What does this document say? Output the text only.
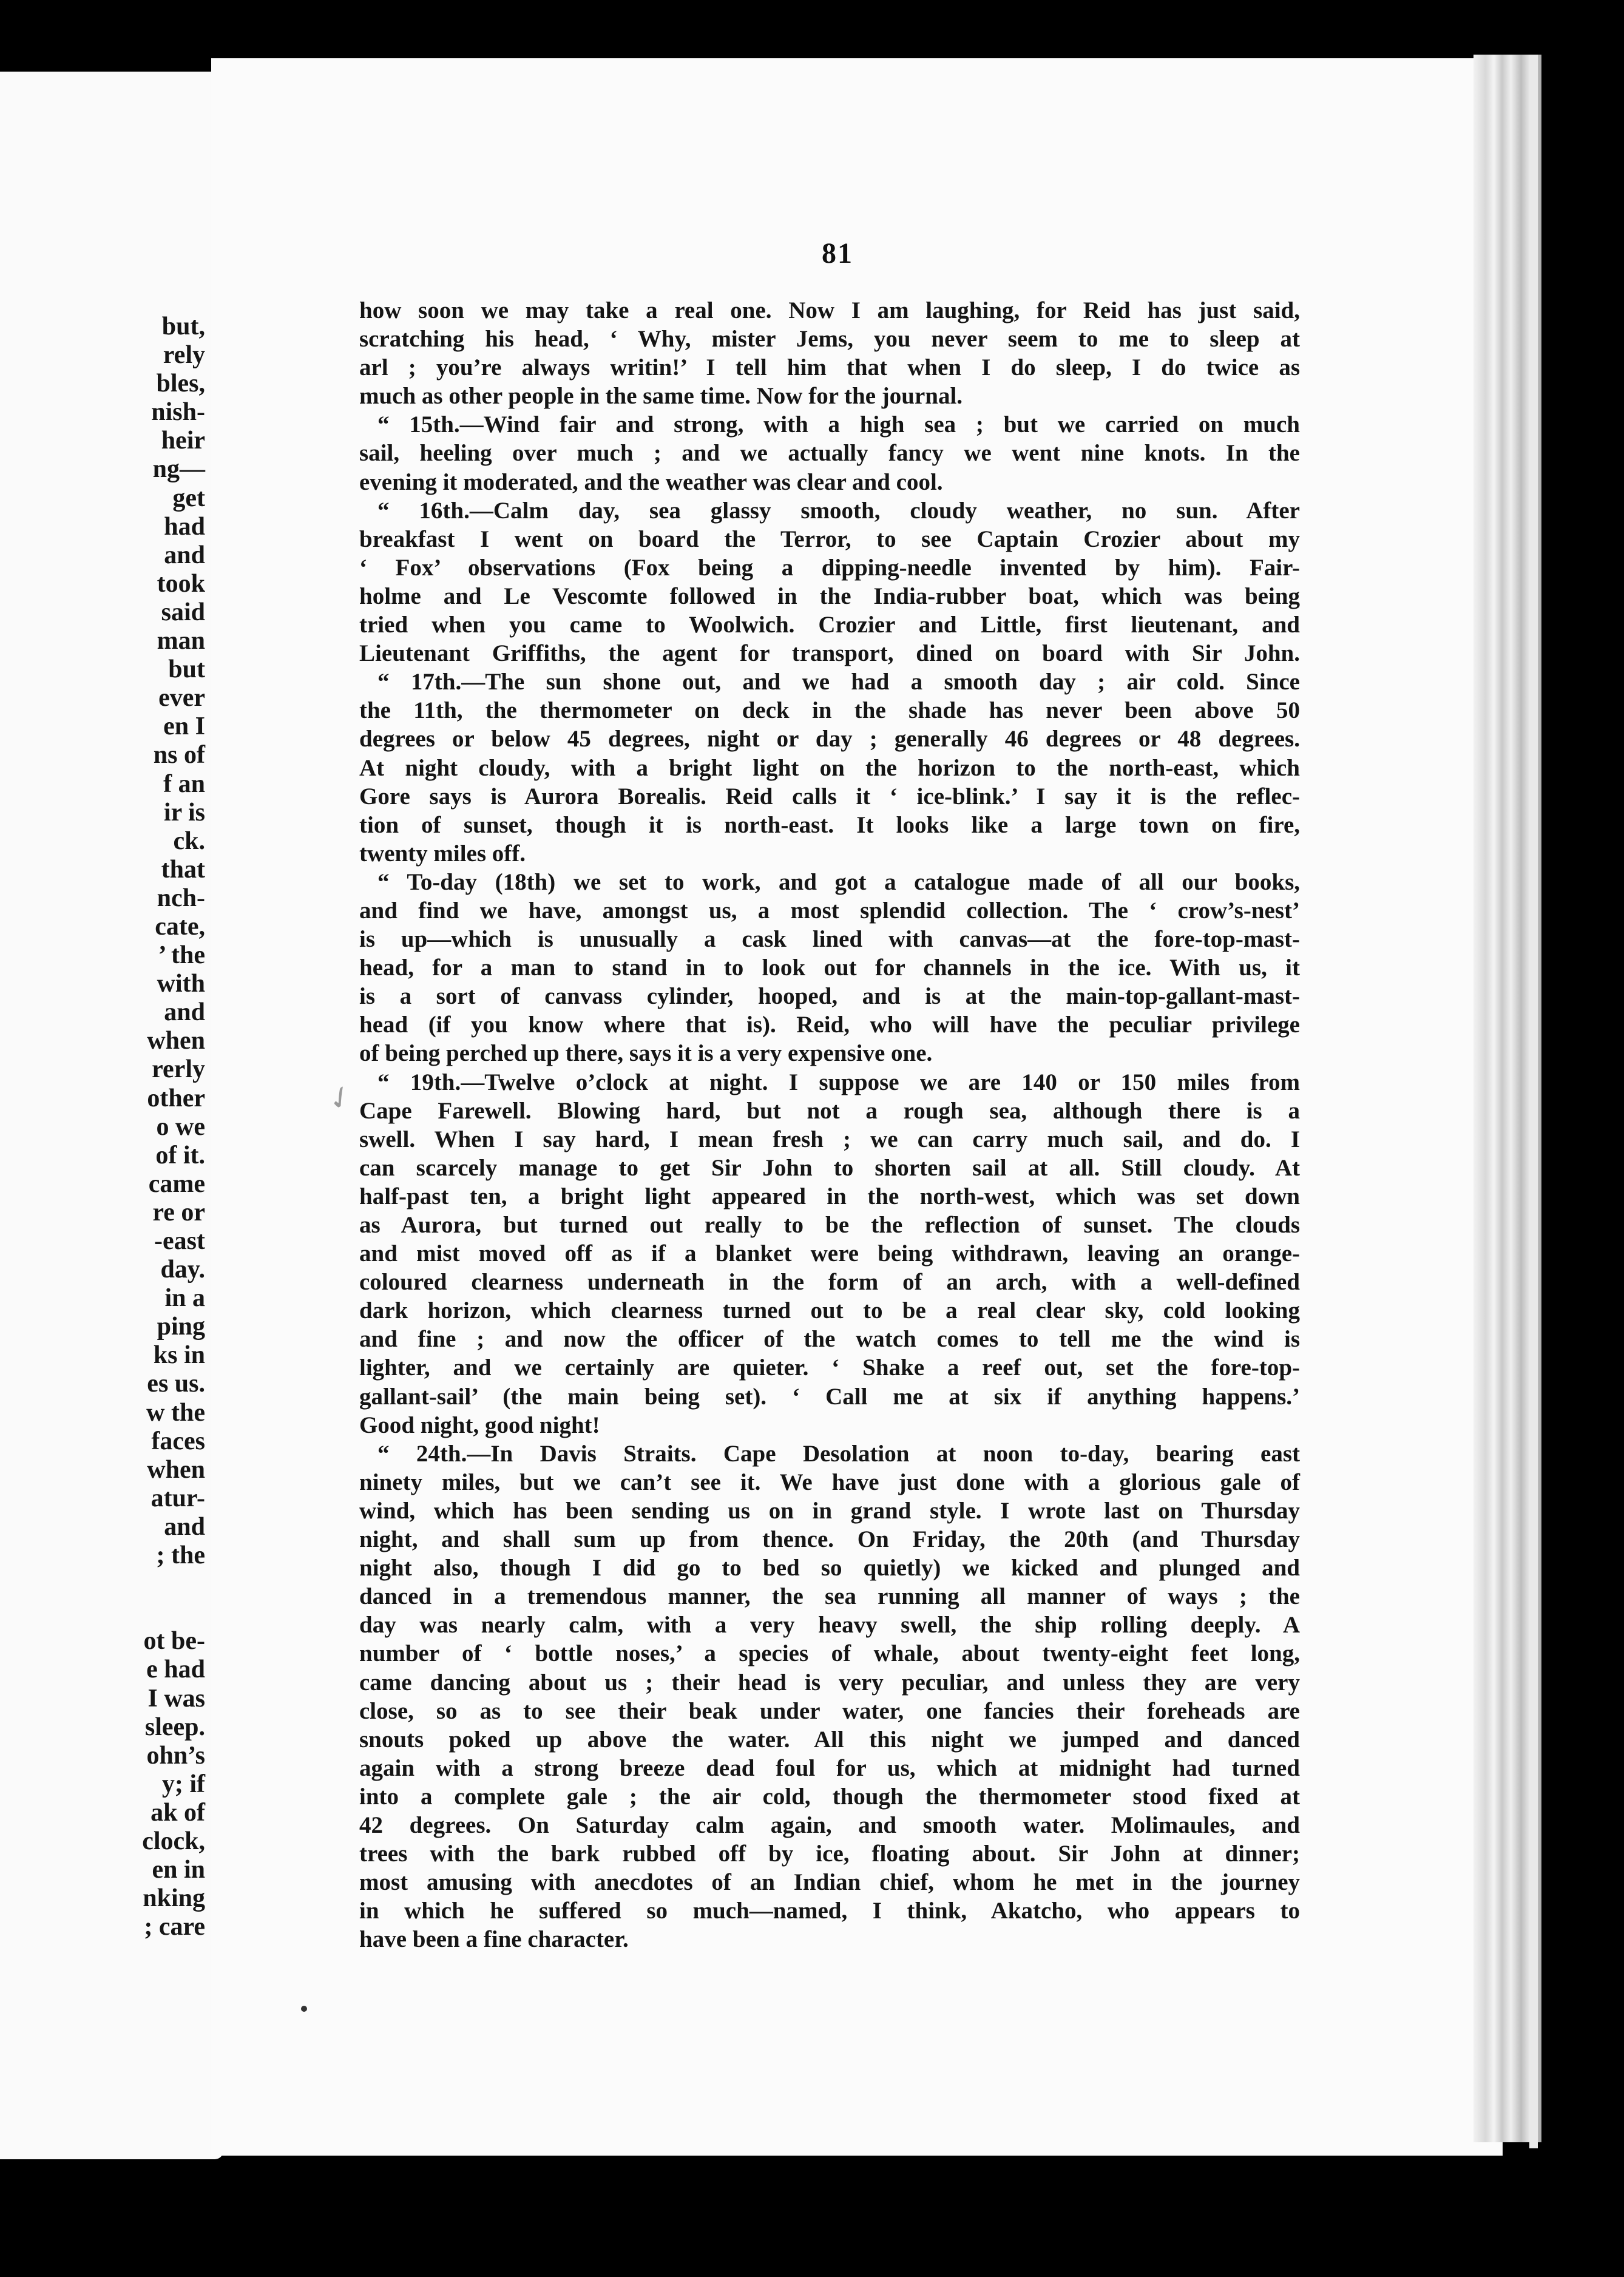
but,
rely
bles,
nish-
heir
ng—
get
had
and
took
said
man
but
ever
en I
ns of
f an
ir is
ck.
that
nch-
cate,
’ the
with
and
when
rerly
other
o we
of it.
came
re or
-east
day.
in a
ping
ks in
es us.
w the
faces
when
atur-
and
; the
ot be-
e had
I was
sleep.
ohn’s
y; if
ak of
clock,
en in
nking
; care
81
how soon we may take a real one. Now I am laughing, for Reid has just said,
scratching his head, ‘ Why, mister Jems, you never seem to me to sleep at
arl ; you’re always writin!’ I tell him that when I do sleep, I do twice as
much as other people in the same time. Now for the journal.
“ 15th.—Wind fair and strong, with a high sea ; but we carried on much
sail, heeling over much ; and we actually fancy we went nine knots. In the
evening it moderated, and the weather was clear and cool.
“ 16th.—Calm day, sea glassy smooth, cloudy weather, no sun. After
breakfast I went on board the Terror, to see Captain Crozier about my
‘ Fox’ observations (Fox being a dipping-needle invented by him). Fair-
holme and Le Vescomte followed in the India-rubber boat, which was being
tried when you came to Woolwich. Crozier and Little, first lieutenant, and
Lieutenant Griffiths, the agent for transport, dined on board with Sir John.
“ 17th.—The sun shone out, and we had a smooth day ; air cold. Since
the 11th, the thermometer on deck in the shade has never been above 50
degrees or below 45 degrees, night or day ; generally 46 degrees or 48 degrees.
At night cloudy, with a bright light on the horizon to the north-east, which
Gore says is Aurora Borealis. Reid calls it ‘ ice-blink.’ I say it is the reflec-
tion of sunset, though it is north-east. It looks like a large town on fire,
twenty miles off.
“ To-day (18th) we set to work, and got a catalogue made of all our books,
and find we have, amongst us, a most splendid collection. The ‘ crow’s-nest’
is up—which is unusually a cask lined with canvas—at the fore-top-mast-
head, for a man to stand in to look out for channels in the ice. With us, it
is a sort of canvass cylinder, hooped, and is at the main-top-gallant-mast-
head (if you know where that is). Reid, who will have the peculiar privilege
of being perched up there, says it is a very expensive one.
“ 19th.—Twelve o’clock at night. I suppose we are 140 or 150 miles from
Cape Farewell. Blowing hard, but not a rough sea, although there is a
swell. When I say hard, I mean fresh ; we can carry much sail, and do. I
can scarcely manage to get Sir John to shorten sail at all. Still cloudy. At
half-past ten, a bright light appeared in the north-west, which was set down
as Aurora, but turned out really to be the reflection of sunset. The clouds
and mist moved off as if a blanket were being withdrawn, leaving an orange-
coloured clearness underneath in the form of an arch, with a well-defined
dark horizon, which clearness turned out to be a real clear sky, cold looking
and fine ; and now the officer of the watch comes to tell me the wind is
lighter, and we certainly are quieter. ‘ Shake a reef out, set the fore-top-
gallant-sail’ (the main being set). ‘ Call me at six if anything happens.’
Good night, good night!
“ 24th.—In Davis Straits. Cape Desolation at noon to-day, bearing east
ninety miles, but we can’t see it. We have just done with a glorious gale of
wind, which has been sending us on in grand style. I wrote last on Thursday
night, and shall sum up from thence. On Friday, the 20th (and Thursday
night also, though I did go to bed so quietly) we kicked and plunged and
danced in a tremendous manner, the sea running all manner of ways ; the
day was nearly calm, with a very heavy swell, the ship rolling deeply. A
number of ‘ bottle noses,’ a species of whale, about twenty-eight feet long,
came dancing about us ; their head is very peculiar, and unless they are very
close, so as to see their beak under water, one fancies their foreheads are
snouts poked up above the water. All this night we jumped and danced
again with a strong breeze dead foul for us, which at midnight had turned
into a complete gale ; the air cold, though the thermometer stood fixed at
42 degrees. On Saturday calm again, and smooth water. Molimaules, and
trees with the bark rubbed off by ice, floating about. Sir John at dinner;
most amusing with anecdotes of an Indian chief, whom he met in the journey
in which he suffered so much—named, I think, Akatcho, who appears to
have been a fine character.
✓
